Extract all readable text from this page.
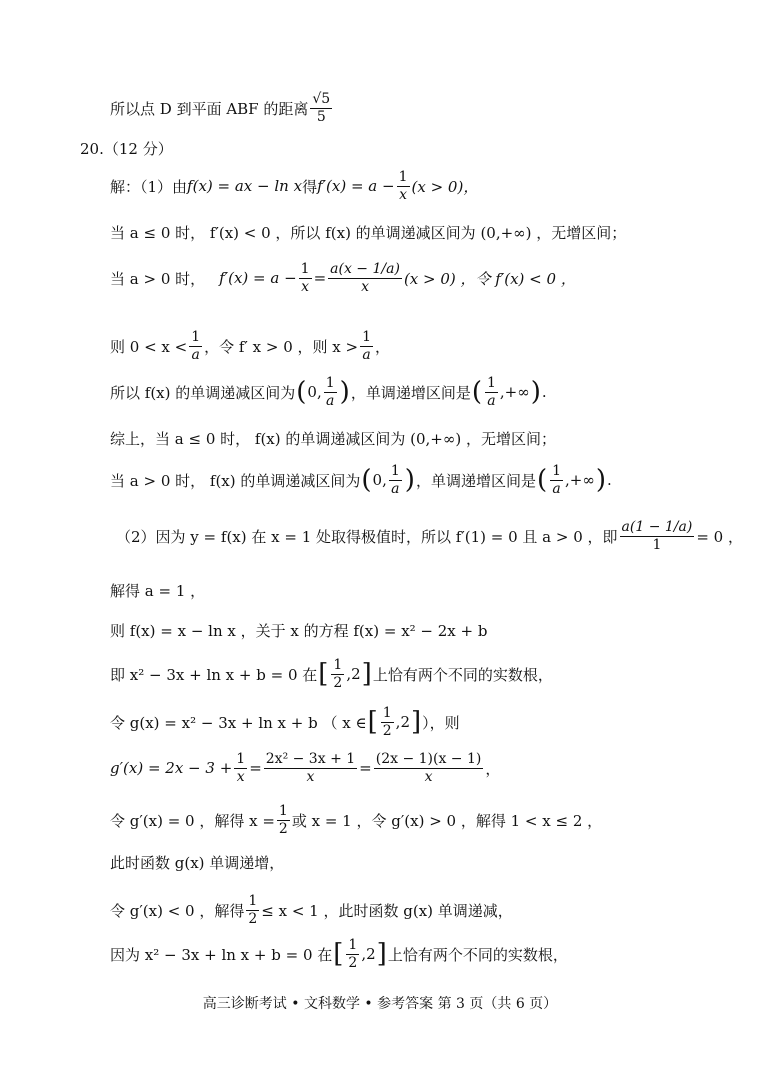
所以点 D 到平面 ABF 的距离 $\frac{√5}{5}$
20.（12 分）
解：（1）由 f(x) = ax − ln x 得 $f'(x) = a - \frac{1}{x} (x > 0)$，
当 a ≤ 0 时， f′(x) < 0 ，所以 f(x) 的单调递减区间为 (0,+∞) ，无增区间；
当 a > 0 时， $f'(x) = a - \frac{1}{x} = \frac{a(x - 1/a)}{x} (x > 0)$ ，令 f′(x) < 0 ，
则 $0 < x < \frac{1}{a}$ ，令 f′ x > 0 ，则 $x > \frac{1}{a}$ ，
所以 f(x) 的单调递减区间为 ( 0, $\frac{1}{a}$ ) ，单调递增区间是 ( $\frac{1}{a}$ ,+∞ ) .
综上，当 a ≤ 0 时， f(x) 的单调递减区间为 (0,+∞) ，无增区间；
当 a > 0 时， f(x) 的单调递减区间为 ( 0, $\frac{1}{a}$ ) ，单调递增区间是 ( $\frac{1}{a}$ ,+∞ ) .
（2）因为 y = f(x) 在 x = 1 处取得极值时，所以 f′(1) = 0 且 a > 0 ，即 $\frac{a(1 - 1/a)}{1} = 0$ ，
解得 a = 1 ，
则 f(x) = x − ln x ，关于 x 的方程 f(x) = x² − 2x + b
即 x² − 3x + ln x + b = 0 在 [ $\frac{1}{2} ,2$ ] 上恰有两个不同的实数根，
令 g(x) = x² − 3x + ln x + b （ x ∈ [ $\frac{1}{2} ,2$ ] ），则
$g'(x) = 2x - 3 + \frac{1}{x} = \frac{\text{2x² − 3x + 1}}{x} = \frac{(2x - 1)(x - 1)}{x}$ ，
令 g′(x) = 0 ，解得 $x = \frac{1}{2}$ 或 x = 1 ，令 g′(x) > 0 ，解得 1 < x ≤ 2 ，
此时函数 g(x) 单调递增，
令 g′(x) < 0 ，解得 $\frac{1}{2} \le x < 1$ ，此时函数 g(x) 单调递减，
因为 x² − 3x + ln x + b = 0 在 [ $\frac{1}{2} ,2$ ] 上恰有两个不同的实数根，
高三诊断考试 • 文科数学 • 参考答案 第 3 页（共 6 页）
